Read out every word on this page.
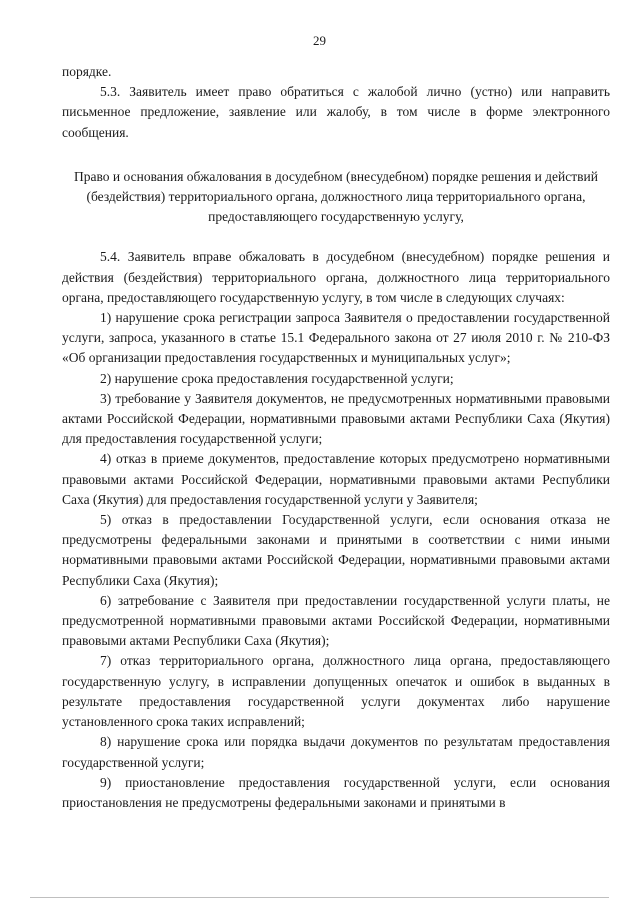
29

порядке.

5.3. Заявитель имеет право обратиться с жалобой лично (устно) или направить письменное предложение, заявление или жалобу, в том числе в форме электронного сообщения.

Право и основания обжалования в досудебном (внесудебном) порядке решения и действий (бездействия) территориального органа, должностного лица территориального органа, предоставляющего государственную услугу,

5.4. Заявитель вправе обжаловать в досудебном (внесудебном) порядке решения и действия (бездействия) территориального органа, должностного лица территориального органа, предоставляющего государственную услугу, в том числе в следующих случаях:

1) нарушение срока регистрации запроса Заявителя о предоставлении государственной услуги, запроса, указанного в статье 15.1 Федерального закона от 27 июля 2010 г. № 210-ФЗ «Об организации предоставления государственных и муниципальных услуг»;

2) нарушение срока предоставления государственной услуги;

3) требование у Заявителя документов, не предусмотренных нормативными правовыми актами Российской Федерации, нормативными правовыми актами Республики Саха (Якутия) для предоставления государственной услуги;

4) отказ в приеме документов, предоставление которых предусмотрено нормативными правовыми актами Российской Федерации, нормативными правовыми актами Республики Саха (Якутия) для предоставления государственной услуги у Заявителя;

5) отказ в предоставлении Государственной услуги, если основания отказа не предусмотрены федеральными законами и принятыми в соответствии с ними иными нормативными правовыми актами Российской Федерации, нормативными правовыми актами Республики Саха (Якутия);

6) затребование с Заявителя при предоставлении государственной услуги платы, не предусмотренной нормативными правовыми актами Российской Федерации, нормативными правовыми актами Республики Саха (Якутия);

7) отказ территориального органа, должностного лица органа, предоставляющего государственную услугу, в исправлении допущенных опечаток и ошибок в выданных в результате предоставления государственной услуги документах либо нарушение установленного срока таких исправлений;

8) нарушение срока или порядка выдачи документов по результатам предоставления государственной услуги;

9) приостановление предоставления государственной услуги, если основания приостановления не предусмотрены федеральными законами и принятыми в
